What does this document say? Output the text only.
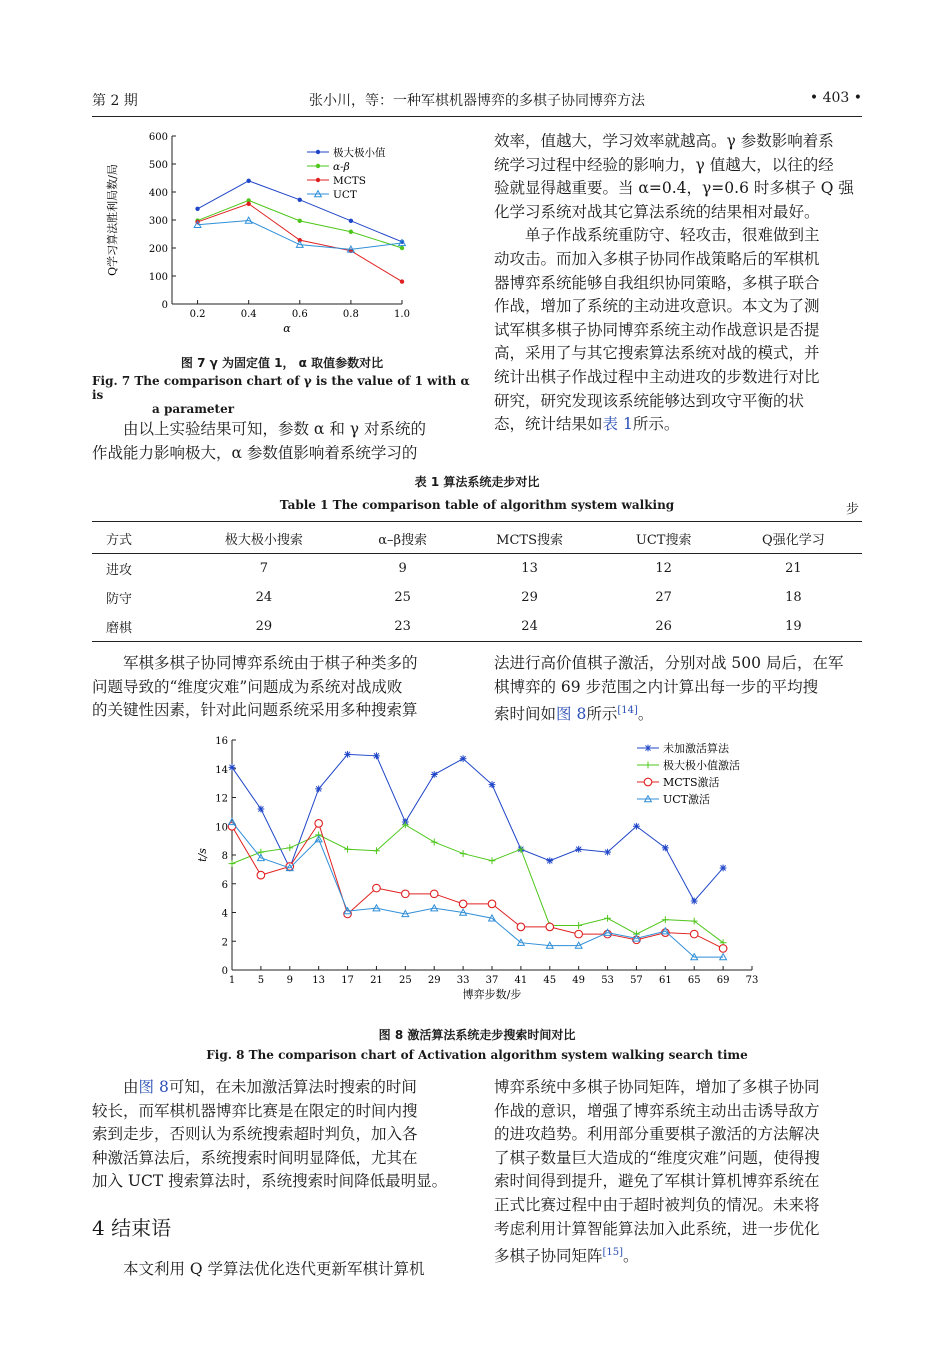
第 2 期	张小川，等：一种军棋机器博弈的多棋子协同博弈方法	• 403 •
0
100
200
300
400
500
600
0.2	0.4	0.6	0.8	1.0
α
Q学习算法胜利局数/局
极大极小值
α-β
MCTS
UCT
图 7 γ 为固定值 1， α 取值参数对比
Fig. 7 The comparison chart of γ is the value of 1 with α is
a parameter

由以上实验结果可知，参数 α 和 γ 对系统的

作战能力影响极大，α 参数值影响着系统学习的

效率，值越大，学习效率就越高。γ 参数影响着系

统学习过程中经验的影响力，γ 值越大，以往的经

验就显得越重要。当 α=0.4，γ=0.6 时多棋子 Q 强

化学习系统对战其它算法系统的结果相对最好。

单子作战系统重防守、轻攻击，很难做到主

动攻击。而加入多棋子协同作战策略后的军棋机

器博弈系统能够自我组织协同策略，多棋子联合

作战，增加了系统的主动进攻意识。本文为了测

试军棋多棋子协同博弈系统主动作战意识是否提

高，采用了与其它搜索算法系统对战的模式，并

统计出棋子作战过程中主动进攻的步数进行对比

研究，研究发现该系统能够达到攻守平衡的状

态，统计结果如表 1所示。

表 1 算法系统走步对比
Table 1 The comparison table of algorithm system walking	步
方式	极大极小搜索	α–β搜索	MCTS搜索	UCT搜索	Q强化学习
进攻	7	9	13	12	21
防守	24	25	29	27	18
磨棋	29	23	24	26	19

军棋多棋子协同博弈系统由于棋子种类多的

问题导致的“维度灾难”问题成为系统对战成败

的关键性因素，针对此问题系统采用多种搜索算

法进行高价值棋子激活，分别对战 500 局后，在军

棋博弈的 69 步范围之内计算出每一步的平均搜

索时间如图 8所示[14]。

0
2
4
6
8
10
12
14
16
1 5 9 13 17 21 25 29 33 37 41 45 49 53 57 61 65 69 73
博弈步数/步
t/s
未加激活算法
极大极小值激活
MCTS激活
UCT激活
图 8 激活算法系统走步搜索时间对比
Fig. 8 The comparison chart of Activation algorithm system walking search time

由图 8可知，在未加激活算法时搜索的时间

较长，而军棋机器博弈比赛是在限定的时间内搜

索到走步，否则认为系统搜索超时判负，加入各

种激活算法后，系统搜索时间明显降低，尤其在

加入 UCT 搜索算法时，系统搜索时间降低最明显。

4 结束语

本文利用 Q 学算法优化迭代更新军棋计算机

博弈系统中多棋子协同矩阵，增加了多棋子协同

作战的意识，增强了博弈系统主动出击诱导敌方

的进攻趋势。利用部分重要棋子激活的方法解决

了棋子数量巨大造成的“维度灾难”问题，使得搜

索时间得到提升，避免了军棋计算机博弈系统在

正式比赛过程中由于超时被判负的情况。未来将

考虑利用计算智能算法加入此系统，进一步优化

多棋子协同矩阵[15]。
